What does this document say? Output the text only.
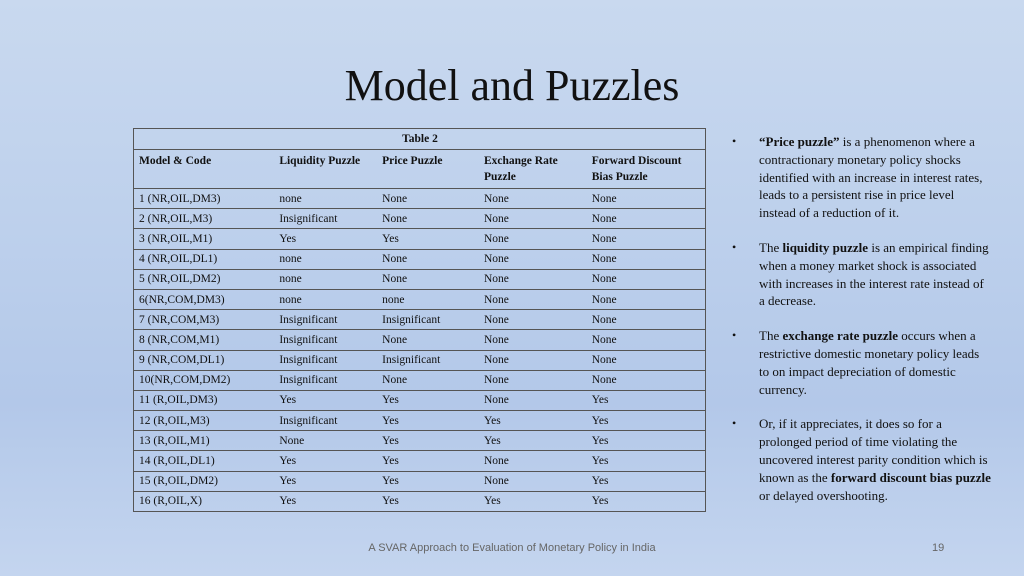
Model and Puzzles
Table 2				
Model & Code	Liquidity Puzzle	Price Puzzle	Exchange Rate Puzzle	Forward Discount Bias Puzzle
1 (NR,OIL,DM3)	none	None	None	None
2 (NR,OIL,M3)	Insignificant	None	None	None
3 (NR,OIL,M1)	Yes	Yes	None	None
4 (NR,OIL,DL1)	none	None	None	None
5 (NR,OIL,DM2)	none	None	None	None
6(NR,COM,DM3)	none	none	None	None
7 (NR,COM,M3)	Insignificant	Insignificant	None	None
8 (NR,COM,M1)	Insignificant	None	None	None
9 (NR,COM,DL1)	Insignificant	Insignificant	None	None
10(NR,COM,DM2)	Insignificant	None	None	None
11 (R,OIL,DM3)	Yes	Yes	None	Yes
12 (R,OIL,M3)	Insignificant	Yes	Yes	Yes
13 (R,OIL,M1)	None	Yes	Yes	Yes
14 (R,OIL,DL1)	Yes	Yes	None	Yes
15 (R,OIL,DM2)	Yes	Yes	None	Yes
16 (R,OIL,X)	Yes	Yes	Yes	Yes
• “Price puzzle” is a phenomenon where a contractionary monetary policy shocks identified with an increase in interest rates, leads to a persistent rise in price level instead of a reduction of it.
• The liquidity puzzle is an empirical finding when a money market shock is associated with increases in the interest rate instead of a decrease.
• The exchange rate puzzle occurs when a restrictive domestic monetary policy leads to on impact depreciation of domestic currency.
• Or, if it appreciates, it does so for a prolonged period of time violating the uncovered interest parity condition which is known as the forward discount bias puzzle or delayed overshooting.
A SVAR Approach to Evaluation of Monetary Policy in India	19
